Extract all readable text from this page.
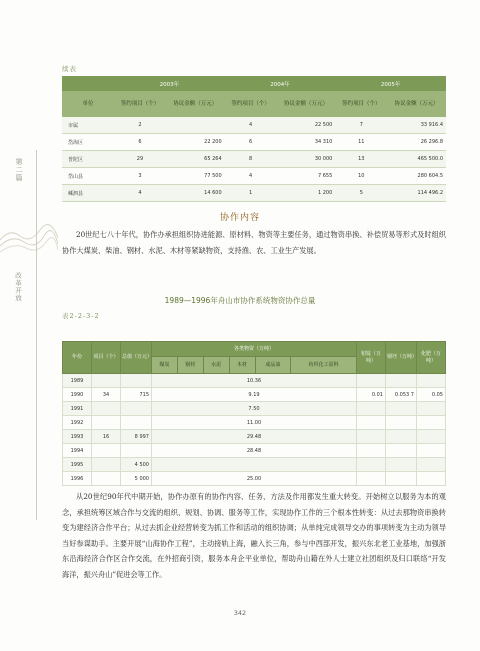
第二篇
改革开放
续表
	2003年		2004年		2005年	
单位	签约项目（个）	协议金额（万元）	签约项目（个）	协议金额（万元）	签约项目（个）	协议金额（万元）
市属	2		4	22 500	7	33 916.4
岱海区	6	22 200	6	34 310	11	26 296.8
普陀区	29	65 264	8	30 000	13	465 500.0
岱山县	3	77 500	4	7 655	10	280 604.5
嵊泗县	4	14 600	1	1 200	5	114 496.2
协作内容
20世纪七八十年代，协作办承担组织协进能源、原材料、物资等主要任务，通过物资串换、补偿贸易等形式及时组织协作大煤炭、柴油、钢材、水泥、木材等紧缺物资，支持渔、农、工业生产发展。
1989—1996年舟山市协作系统物资协作总量
表2-2-3-2
年份	项目（个）	总值（万元）	各类物资（万吨）						铝锭（万吨）	钢坯（万吨）	化肥（万吨）
			煤炭	钢材	水泥	木材	成品油	纺织化工原料			
1989			10.36								
1990	34	715	9.19						0.01	0.053 7	0.05
1991			7.50								
1992			11.00								
1993	16	8 997	29.48								
1994			28.48								
1995		4 500									
1996		5 000	25.00								
从20世纪90年代中期开始，协作办原有的协作内容、任务、方法及作用都发生重大转变。开始树立以服务为本的观念，承担统筹区域合作与交流的组织、规划、协调、服务等工作，实现协作工作的三个根本性转变：从过去那物资串换转变为建经济合作平台；从过去抓企业经营转变为抓工作和活动的组织协调；从单纯完成领导交办的事项转变为主动为领导当好参谋助手。主要开展“山海协作工程”，主动接轨上海，融入长三角，参与中西部开发，振兴东北老工业基地，加强浙东沿海经济合作区合作交流，在外招商引资，服务本舟企平业单位，帮助舟山籍在外人士建立社团组织及归口联络“开发海洋，振兴舟山”促进会等工作。
342
